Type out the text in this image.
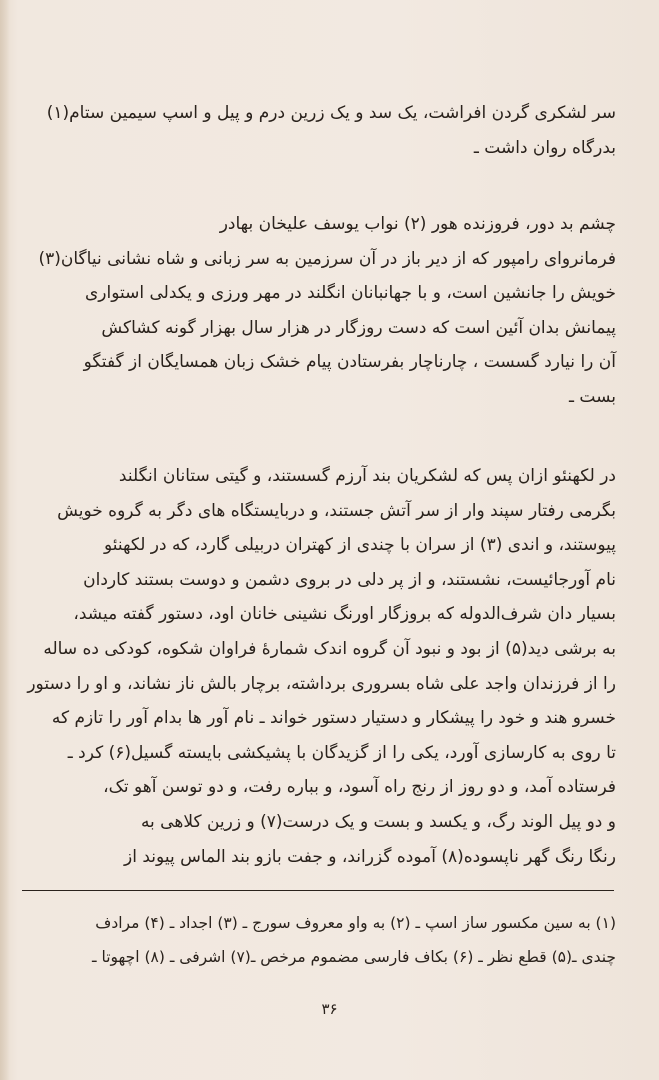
سر لشکری گردن افراشت، یک سد و یک زرین درم و پیل و اسپ سیمین ستام(۱)
بدرگاه روان داشت ـ
چشم بد دور، فروزنده هور (۲) نواب یوسف علیخان بهادر
فرمانروای رامپور که از دیر باز در آن سرزمین به سر زبانی و شاه نشانی نیاگان(۳)
خویش را جانشین است، و با جهانبانان انگلند در مهر ورزی و یکدلی استواری
پیمانش بدان آئین است که دست روزگار در هزار سال بهزار گونه کشاکش
آن را نیارد گسست ، چارناچار بفرستادن پیام خشک زبان همسایگان از گفتگو
بست ـ
در لکهنئو ازان پس که لشکریان بند آرزم گسستند، و گیتی ستانان انگلند
بگرمی رفتار سپند وار از سر آتش جستند، و دربایستگاه های دگر به گروه خویش
پیوستند، و اندی (۳) از سران با چندی از کهتران دربیلی گارد، که در لکهنئو
نام آورجائیست، نشستند، و از پر دلی در بروی دشمن و دوست بستند کاردان
بسیار دان شرف‌الدوله که بروزگار اورنگ نشینی خانان اود، دستور گفته میشد،
به برشی دید(۵) از بود و نبود آن گروه اندک شمارهٔ فراوان شکوه، کودکی ده ساله
را از فرزندان واجد علی شاه بسروری برداشته، برچار بالش ناز نشاند، و او را دستور
خسرو هند و خود را پیشکار و دستیار دستور خواند ـ نام آور ها بدام آور را تازم که
تا روی به کارسازی آورد، یکی را از گزیدگان با پشیکشی بایسته گسیل(۶) کرد ـ
فرستاده آمد، و دو روز از رنج راه آسود، و بباره رفت، و دو توسن آهو تک،
و دو پیل الوند رگ، و یکسد و بست و یک درست(۷) و زرین کلاهی به
رنگا رنگ گهر نا‌پسوده(۸) آموده گزراند، و جفت بازو بند الماس پیوند از
(۱) به سین مکسور ساز اسپ ـ (۲) به واو معروف سورج ـ (۳) اجداد ـ (۴) مرادف
چندی ـ(۵) قطع نظر ـ (۶) بکاف فارسی مضموم مرخص ـ(۷) اشرفی ـ (۸) اچھوتا ـ
۳۶
